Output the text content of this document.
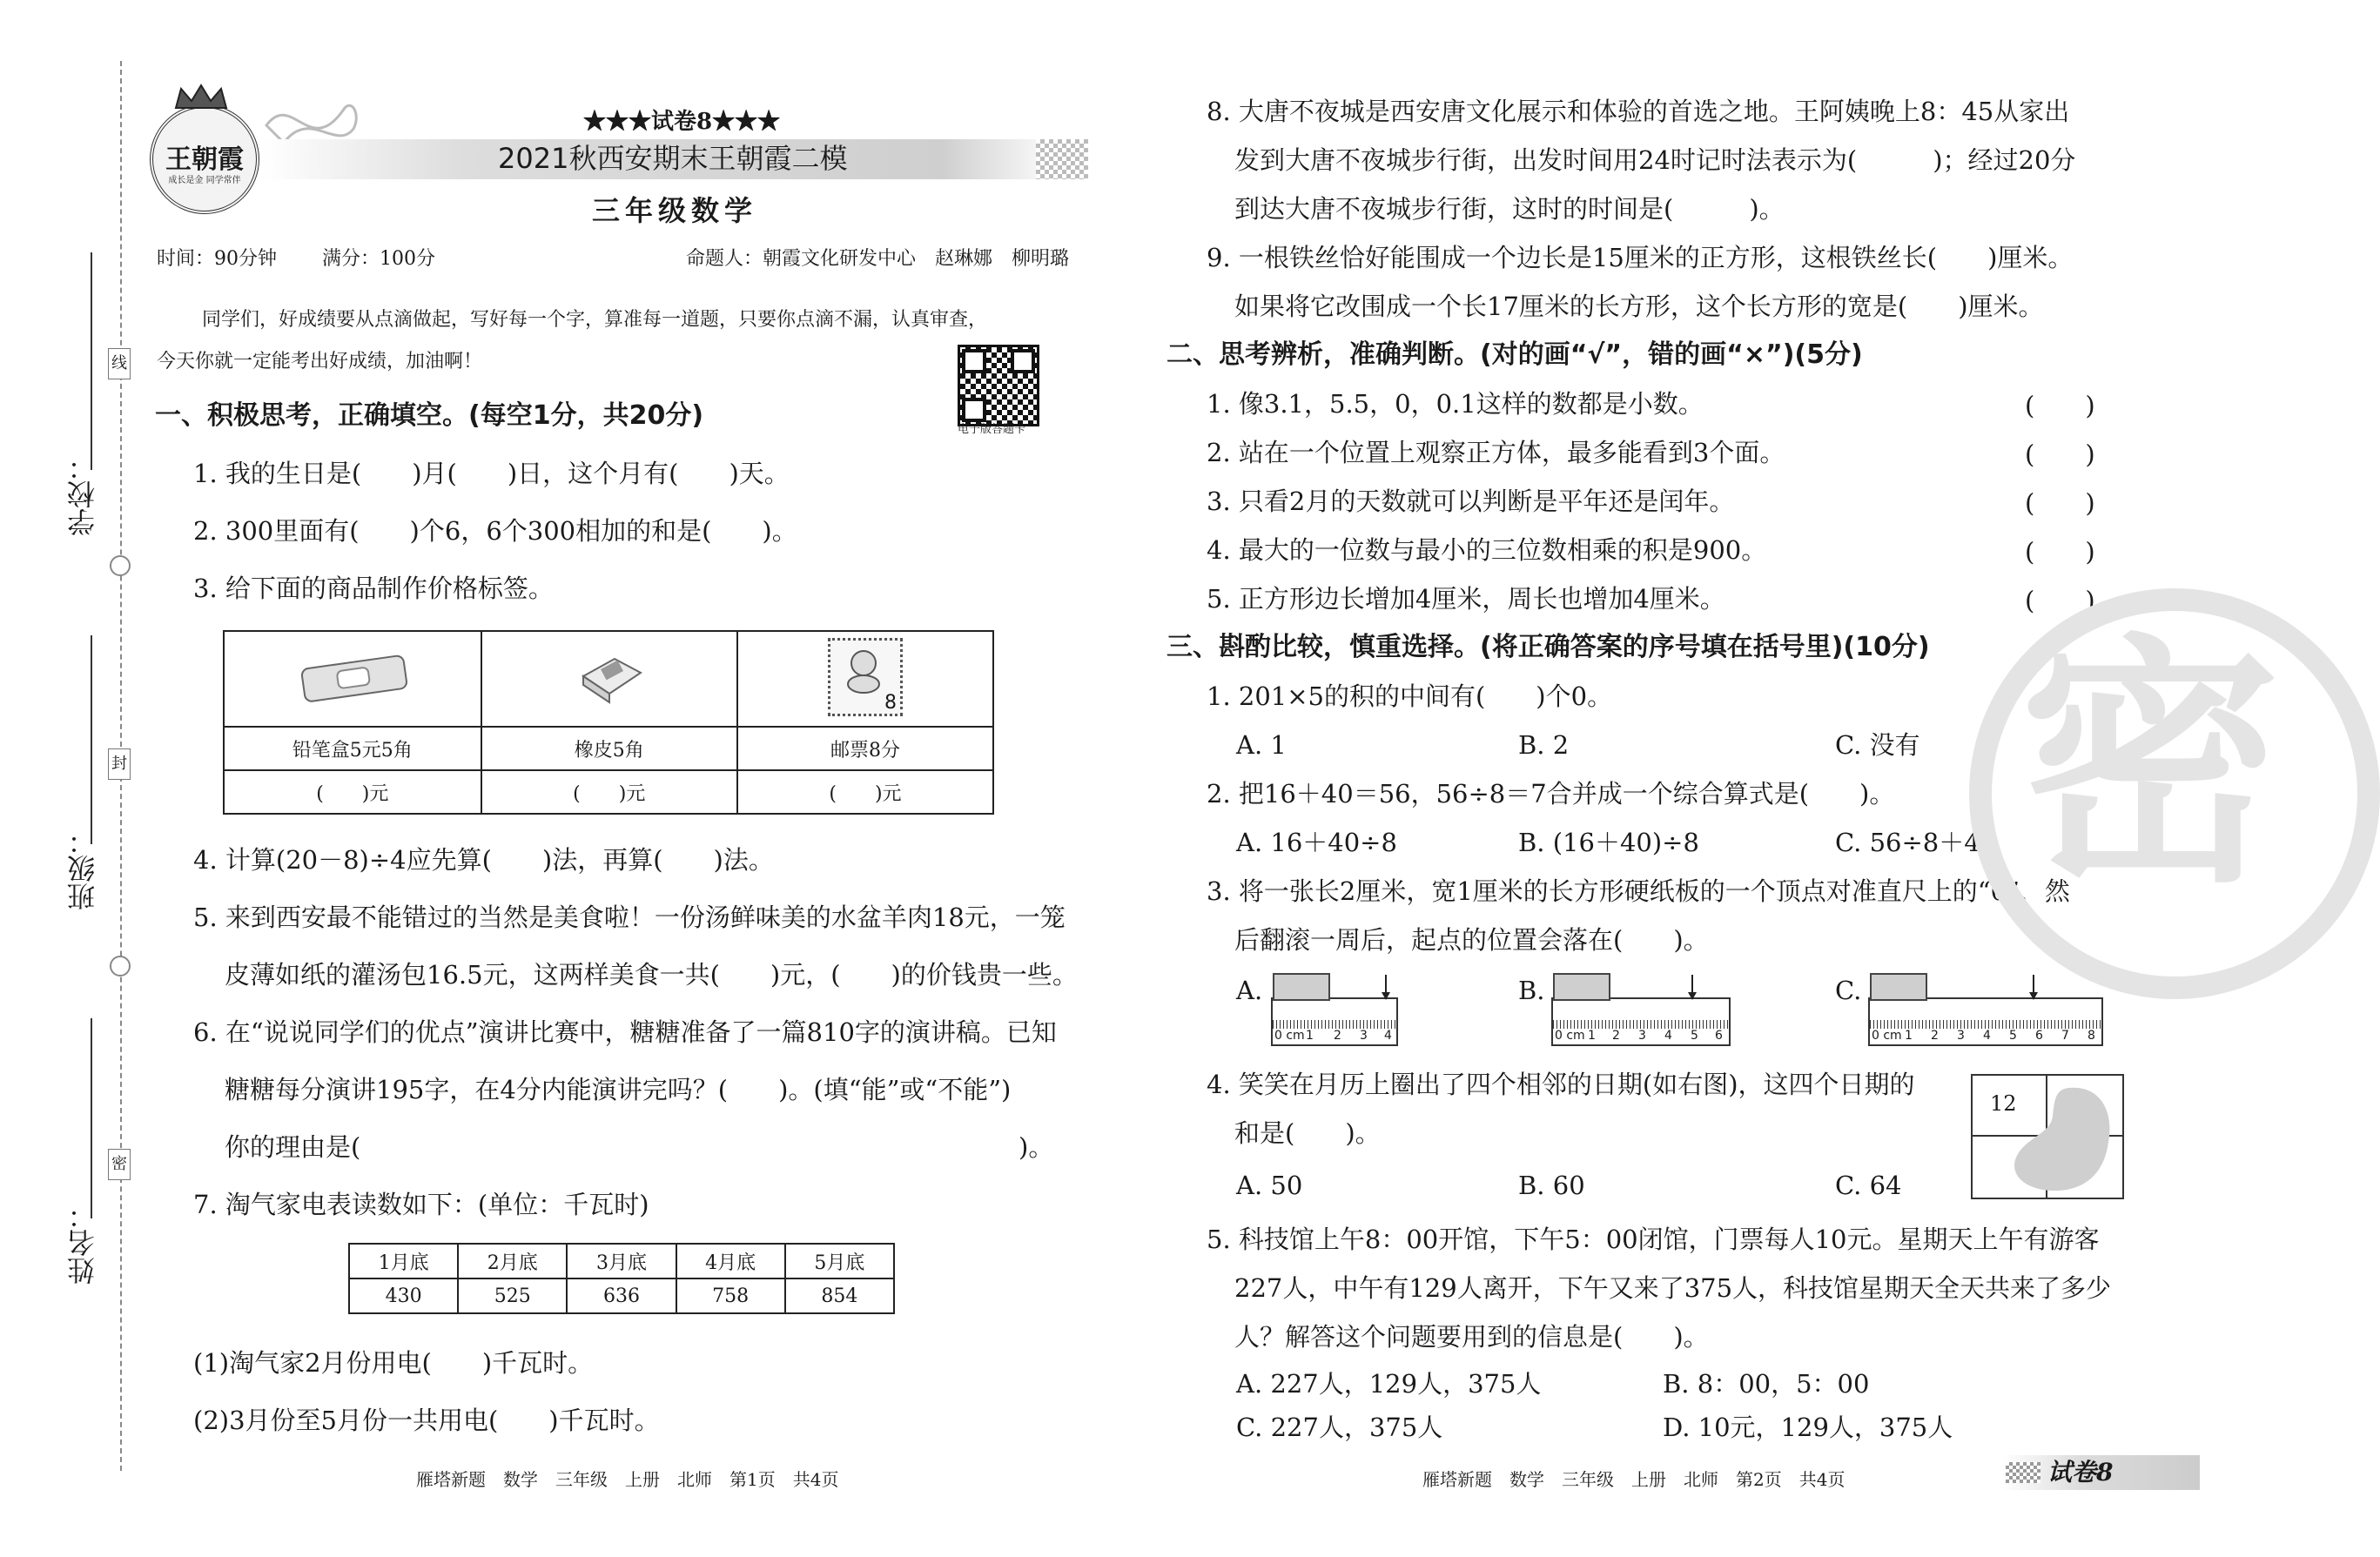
线
封
密
学校：
班级：
姓名：
王朝霞
成长是金 同学常伴
★★★试卷8★★★
2021秋西安期末王朝霞二模
三年级数学
时间：90分钟 满分：100分	命题人：朝霞文化研发中心　赵琳娜　柳明璐
同学们，好成绩要从点滴做起，写好每一个字，算准每一道题，只要你点滴不漏，认真审查，
今天你就一定能考出好成绩，加油啊！
电子版答题卡
一、积极思考，正确填空。(每空1分，共20分)
1. 我的生日是(　　)月(　　)日，这个月有(　　)天。
2. 300里面有(　　)个6，6个300相加的和是(　　)。
3. 给下面的商品制作价格标签。

8

铅笔盒5元5角	橡皮5角	邮票8分
(　　)元	(　　)元	(　　)元
4. 计算(20－8)÷4应先算(　　)法，再算(　　)法。
5. 来到西安最不能错过的当然是美食啦！一份汤鲜味美的水盆羊肉18元，一笼
皮薄如纸的灌汤包16.5元，这两样美食一共(　　)元，(　　)的价钱贵一些。
6. 在“说说同学们的优点”演讲比赛中，糖糖准备了一篇810字的演讲稿。已知
糖糖每分演讲195字，在4分内能演讲完吗？(　　)。(填“能”或“不能”)
你的理由是(	)。
7. 淘气家电表读数如下：(单位：千瓦时)
1月底	2月底	3月底	4月底	5月底
430	525	636	758	854
(1)淘气家2月份用电(　　)千瓦时。
(2)3月份至5月份一共用电(　　)千瓦时。
雁塔新题　数学　三年级　上册　北师　第1页　共4页
8. 大唐不夜城是西安唐文化展示和体验的首选之地。王阿姨晚上8：45从家出
发到大唐不夜城步行街，出发时间用24时记时法表示为(　　　)；经过20分
到达大唐不夜城步行街，这时的时间是(　　　)。
9. 一根铁丝恰好能围成一个边长是15厘米的正方形，这根铁丝长(　　)厘米。
如果将它改围成一个长17厘米的长方形，这个长方形的宽是(　　)厘米。
二、思考辨析，准确判断。(对的画“√”，错的画“×”)(5分)
1. 像3.1，5.5，0，0.1这样的数都是小数。	(　　)
2. 站在一个位置上观察正方体，最多能看到3个面。	(　　)
3. 只看2月的天数就可以判断是平年还是闰年。	(　　)
4. 最大的一位数与最小的三位数相乘的积是900。	(　　)
5. 正方形边长增加4厘米，周长也增加4厘米。	(　　)
三、斟酌比较，慎重选择。(将正确答案的序号填在括号里)(10分)
1. 201×5的积的中间有(　　)个0。
A. 1	B. 2	C. 没有
2. 把16＋40＝56，56÷8＝7合并成一个综合算式是(　　)。
A. 16＋40÷8	B. (16＋40)÷8	C. 56÷8＋40
3. 将一张长2厘米，宽1厘米的长方形硬纸板的一个顶点对准直尺上的“0”，然
后翻滚一周后，起点的位置会落在(　　)。
A.
0 cm 1 2 3 4
B.
0 cm 1 2 3 4 5 6
C.
0 cm 1 2 3 4 5 6 7 8
4. 笑笑在月历上圈出了四个相邻的日期(如右图)，这四个日期的
和是(　　)。
12
A. 50	B. 60	C. 64
5. 科技馆上午8：00开馆，下午5：00闭馆，门票每人10元。星期天上午有游客
227人，中午有129人离开，下午又来了375人，科技馆星期天全天共来了多少
人？解答这个问题要用到的信息是(　　)。
A. 227人，129人，375人	B. 8：00，5：00
C. 227人，375人	D. 10元，129人，375人
密
雁塔新题　数学　三年级　上册　北师　第2页　共4页	试卷8
